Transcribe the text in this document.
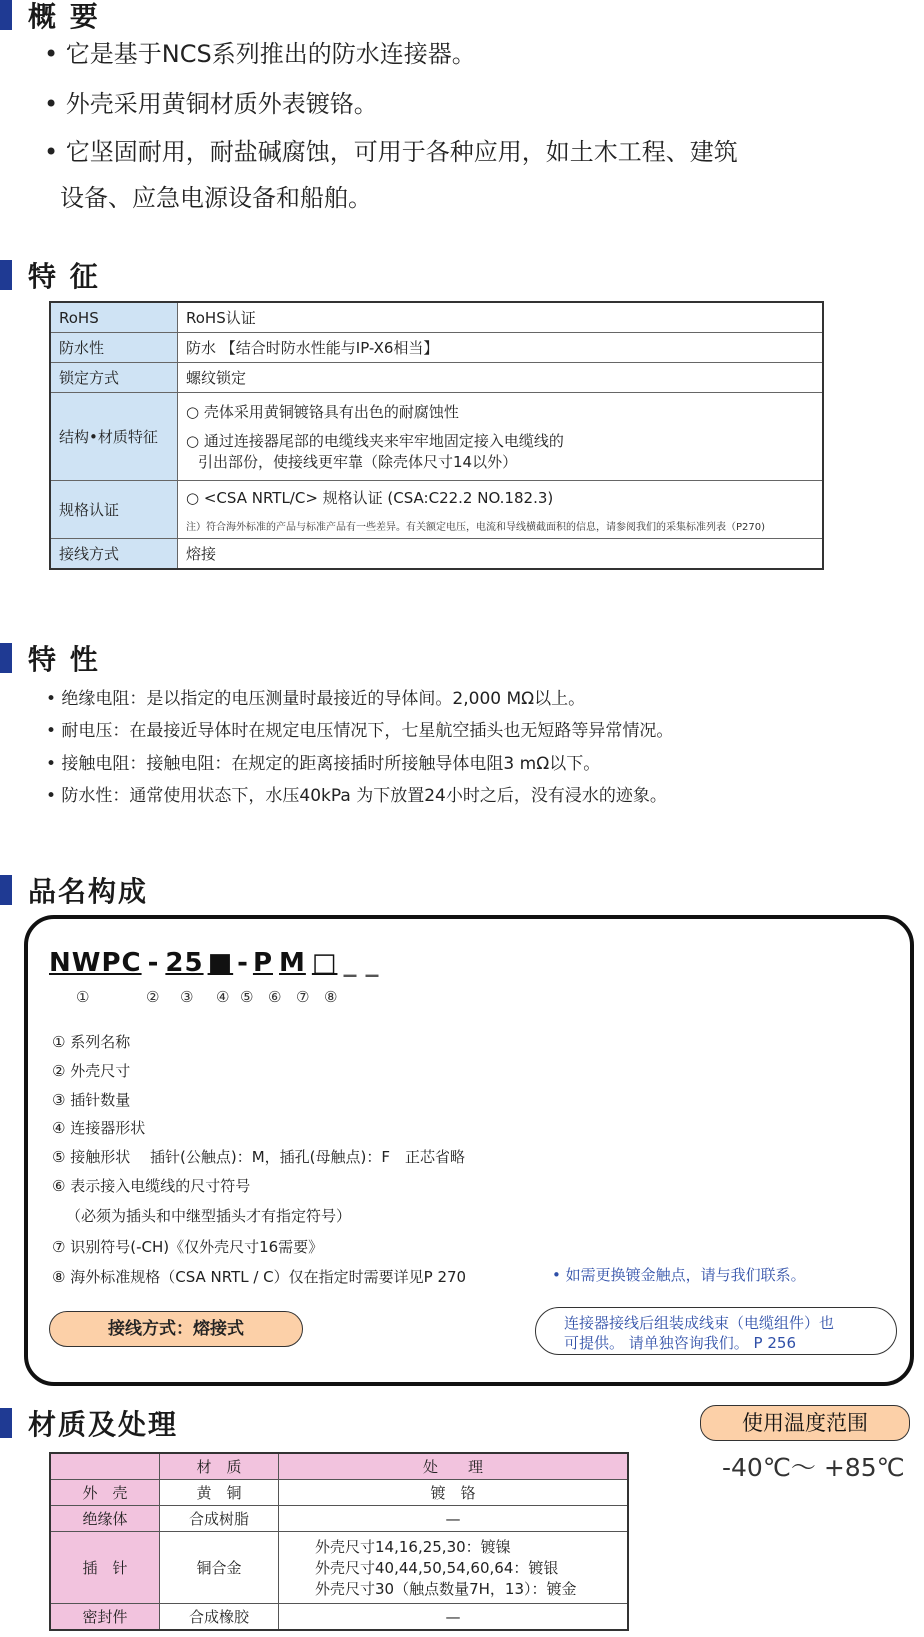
概 要
• 它是基于NCS系列推出的防水连接器。
• 外壳采用黄铜材质外表镀铬。
• 它坚固耐用，耐盐碱腐蚀，可用于各种应用，如土木工程、建筑
设备、应急电源设备和船舶。
特 征
RoHS	RoHS认证
防水性	防水 【结合时防水性能与IP-X6相当】
锁定方式	螺纹锁定
结构•材质特征	○ 壳体采用黄铜镀铬具有出色的耐腐蚀性
○ 通过连接器尾部的电缆线夹来牢牢地固定接入电缆线的
引出部份，使接线更牢靠（除壳体尺寸14以外）

规格认证	○ <CSA NRTL/C> 规格认证 (CSA:C22.2 NO.182.3)
注）符合海外标准的产品与标准产品有一些差异。有关额定电压，电流和导线横截面积的信息，请参阅我们的采集标准列表（P270)

接线方式	熔接
特 性
• 绝缘电阻：是以指定的电压测量时最接近的导体间。2,000 MΩ以上。
• 耐电压：在最接近导体时在规定电压情况下，七星航空插头也无短路等异常情况。
• 接触电阻：接触电阻：在规定的距离接插时所接触导体电阻3 mΩ以下。
• 防水性：通常使用状态下，水压40kPa 为下放置24小时之后，没有浸水的迹象。
品名构成
NWPC - 25 ■ - P M □ _ _
①	② ③ ④ ⑤ ⑥ ⑦ ⑧
① 系列名称
② 外壳尺寸
③ 插针数量
④ 连接器形状
⑤ 接触形状　 插针(公触点)：M，插孔(母触点)：F　正芯省略
⑥ 表示接入电缆线的尺寸符号
（必须为插头和中继型插头才有指定符号）
⑦ 识别符号(-CH)《仅外壳尺寸16需要》
⑧ 海外标准规格（CSA NRTL / C）仅在指定时需要详见P 270	• 如需更换镀金触点，请与我们联系。
接线方式：熔接式	连接器接线后组装成线束（电缆组件）也
可提供。 请单独咨询我们。 P 256
材质及处理	使用温度范围
-40℃～ +85℃
	材　质	处　　理
外　壳	黄　铜	镀　铬
绝缘体	合成树脂	—
插　针	铜合金	外壳尺寸14,16,25,30：镀镍
外壳尺寸40,44,50,54,60,64：镀银
外壳尺寸30（触点数量7H，13）：镀金

密封件	合成橡胶	—
